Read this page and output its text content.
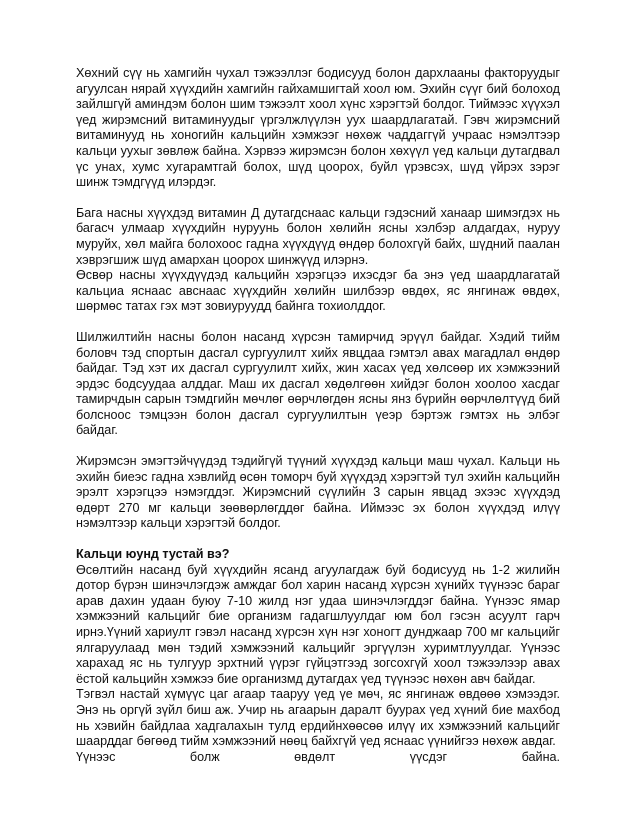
Хөхний сүү нь хамгийн чухал тэжээллэг бодисууд болон дархлааны факторуудыг агуулсан нярай хүүхдийн хамгийн гайхамшигтай хоол юм. Эхийн сүүг бий болоход зайлшгүй аминдэм болон шим тэжээлт хоол хүнс хэрэгтэй болдог. Тиймээс хүүхэл үед жирэмсний витаминуудыг үргэлжлүүлэн уух шаардлагатай. Гэвч жирэмсний витаминууд нь хоногийн кальцийн хэмжээг нөхөж чаддаггүй учраас нэмэлтээр кальци уухыг зөвлөж байна. Хэрвээ жирэмсэн болон хөхүүл үед кальци дутагдвал үс унах, хумс хугарамтгай болох, шүд цоорох, буйл үрэвсэх, шүд үйрэх зэрэг шинж тэмдгүүд илэрдэг.

Бага насны хүүхдэд витамин Д дутагдснаас кальци гэдэсний ханаар шимэгдэх нь багасч улмаар хүүхдийн нуруунь болон хөлийн ясны хэлбэр алдагдах, нуруу муруйх, хөл майга болохоос гадна хүүхдүүд өндөр болохгүй байх, шүдний паалан хэврэгшиж шүд амархан цоорох шинжүүд илэрнэ.

Өсвөр насны хүүхдүүдэд кальцийн хэрэгцээ ихэсдэг ба энэ үед шаардлагатай кальциа яснаас авснаас хүүхдийн хөлийн шилбээр өвдөх, яс янгинаж өвдөх, шөрмөс татах гэх мэт зовиуруудд байнга тохиолддог.

Шилжилтийн насны болон насанд хүрсэн тамирчид эрүүл байдаг. Хэдий тийм боловч тэд спортын дасгал сургуулилт хийх явцдаа гэмтэл авах магадлал өндөр байдаг. Тэд хэт их дасгал сургуулилт хийх, жин хасах үед хөлсөөр их хэмжээний эрдэс бодсуудаа алддаг. Маш их дасгал хөдөлгөөн хийдэг болон хоолоо хасдаг тамирчдын сарын тэмдгийн мөчлөг өөрчлөгдөн ясны янз бүрийн өөрчлөлтүүд бий болсноос тэмцээн болон дасгал сургуулилтын үеэр бэртэж гэмтэх нь элбэг байдаг.

Жирэмсэн эмэгтэйчүүдэд тэдийгүй түүний хүүхдэд кальци маш чухал. Кальци нь эхийн биеэс гадна хэвлийд өсөн томорч буй хүүхдэд хэрэгтэй тул эхийн кальцийн эрэлт хэрэгцээ нэмэгддэг. Жирэмсний сүүлийн 3 сарын явцад эхээс хүүхдэд өдөрт 270 мг кальци зөөвөрлөгддөг байна. Иймээс эх болон хүүхдэд илүү нэмэлтээр кальци хэрэгтэй болдог.

Кальци юунд тустай вэ?

Өсөлтийн насанд буй хүүхдийн ясанд агуулагдаж буй бодисууд нь 1-2 жилийн дотор бүрэн шинэчлэгдэж амждаг бол харин насанд хүрсэн хүнийх түүнээс бараг арав дахин удаан буюу 7-10 жилд нэг удаа шинэчлэгддэг байна. Үүнээс ямар хэмжээний кальцийг бие организм гадагшлуулдаг юм бол гэсэн асуулт гарч ирнэ.Үүний хариулт гэвэл насанд хүрсэн хүн нэг хоногт дунджаар 700 мг кальцийг ялгаруулаад мөн тэдий хэмжээний кальцийг эргүүлэн хуримтлуулдаг. Үүнээс харахад яс нь тулгуур эрхтний үүрэг гүйцэтгээд зогсохгүй хоол тэжээлээр авах ёстой кальцийн хэмжээ бие организмд дутагдах үед түүнээс нөхөн авч байдаг.

Тэгвэл настай хүмүүс цаг агаар тааруу үед үе мөч, яс янгинаж өвдөөө хэмээдэг. Энэ нь оргүй зүйл биш аж. Учир нь агаарын даралт буурах үед хүний бие махбод нь хэвийн байдлаа хадгалахын тулд ердийнхөөсөө илүү их хэмжээний кальцийг шаарддаг бөгөөд тийм хэмжээний нөөц байхгүй үед яснаас үүнийгээ нөхөж авдаг.

Үүнээс	болж	өвдөлт	үүсдэг	байна.
